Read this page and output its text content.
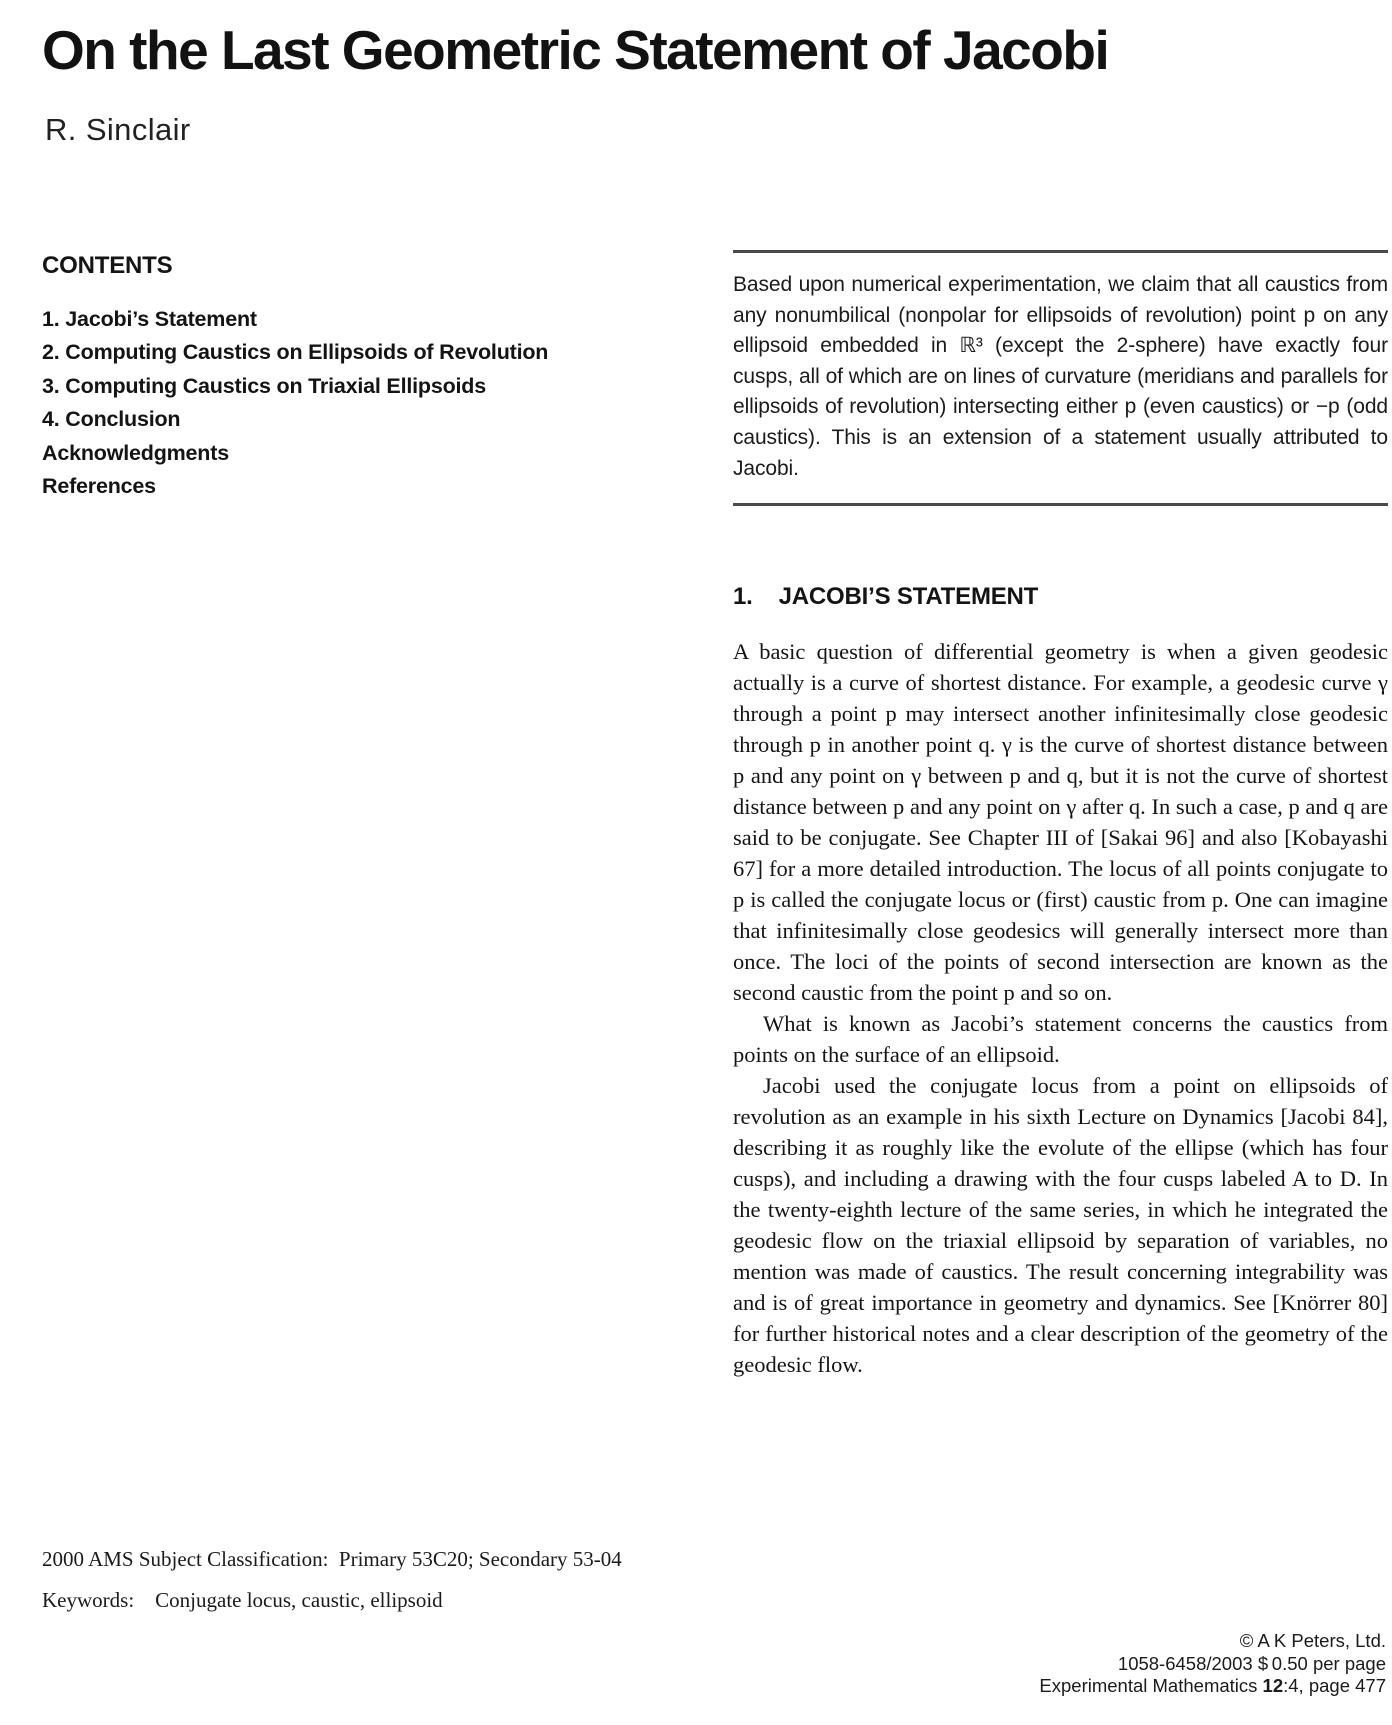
On the Last Geometric Statement of Jacobi
R. Sinclair
CONTENTS
1. Jacobi’s Statement
2. Computing Caustics on Ellipsoids of Revolution
3. Computing Caustics on Triaxial Ellipsoids
4. Conclusion
Acknowledgments
References

Based upon numerical experimentation, we claim that all caustics from any nonumbilical (nonpolar for ellipsoids of revolution) point p on any ellipsoid embedded in ℝ³ (except the 2-sphere) have exactly four cusps, all of which are on lines of curvature (meridians and parallels for ellipsoids of revolution) intersecting either p (even caustics) or −p (odd caustics). This is an extension of a statement usually attributed to Jacobi.

1. JACOBI’S STATEMENT

A basic question of differential geometry is when a given geodesic actually is a curve of shortest distance. For example, a geodesic curve γ through a point p may intersect another infinitesimally close geodesic through p in another point q. γ is the curve of shortest distance between p and any point on γ between p and q, but it is not the curve of shortest distance between p and any point on γ after q. In such a case, p and q are said to be conjugate. See Chapter III of [Sakai 96] and also [Kobayashi 67] for a more detailed introduction. The locus of all points conjugate to p is called the conjugate locus or (first) caustic from p. One can imagine that infinitesimally close geodesics will generally intersect more than once. The loci of the points of second intersection are known as the second caustic from the point p and so on.

What is known as Jacobi’s statement concerns the caustics from points on the surface of an ellipsoid.

Jacobi used the conjugate locus from a point on ellipsoids of revolution as an example in his sixth Lecture on Dynamics [Jacobi 84], describing it as roughly like the evolute of the ellipse (which has four cusps), and including a drawing with the four cusps labeled A to D. In the twenty-eighth lecture of the same series, in which he integrated the geodesic flow on the triaxial ellipsoid by separation of variables, no mention was made of caustics. The result concerning integrability was and is of great importance in geometry and dynamics. See [Knörrer 80] for further historical notes and a clear description of the geometry of the geodesic flow.

2000 AMS Subject Classification: Primary 53C20; Secondary 53-04
Keywords: Conjugate locus, caustic, ellipsoid
© A K Peters, Ltd.
1058-6458/2003 $ 0.50 per page
Experimental Mathematics 12:4, page 477
